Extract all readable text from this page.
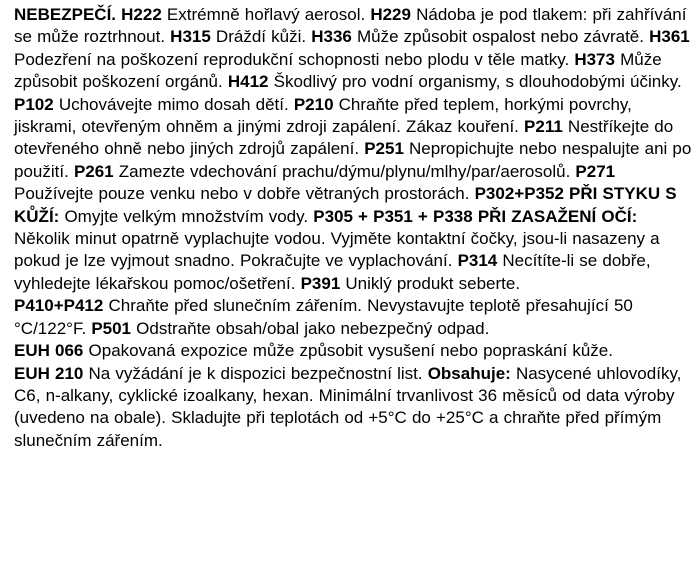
NEBEZPEČÍ. H222 Extrémně hořlavý aerosol. H229 Nádoba je pod tlakem: při zahřívání se může roztrhnout. H315 Dráždí kůži. H336 Může způsobit ospalost nebo závratě. H361 Podezření na poškození reprodukční schopnosti nebo plodu v těle matky. H373 Může způsobit poškození orgánů. H412 Škodlivý pro vodní organismy, s dlouhodobými účinky.
P102 Uchovávejte mimo dosah dětí. P210 Chraňte před teplem, horkými povrchy, jiskrami, otevřeným ohněm a jinými zdroji zapálení. Zákaz kouření. P211 Nestříkejte do otevřeného ohně nebo jiných zdrojů zapálení. P251 Nepropichujte nebo nespalujte ani po použití. P261 Zamezte vdechování prachu/dýmu/plynu/mlhy/par/aerosolů. P271 Používejte pouze venku nebo v dobře větraných prostorách. P302+P352 PŘI STYKU S KŮŽÍ: Omyjte velkým množstvím vody. P305 + P351 + P338 PŘI ZASAŽENÍ OČÍ: Několik minut opatrně vyplachujte vodou. Vyjměte kontaktní čočky, jsou-li nasazeny a pokud je lze vyjmout snadno. Pokračujte ve vyplachování. P314 Necítíte-li se dobře, vyhledejte lékařskou pomoc/ošetření. P391 Uniklý produkt seberte.
P410+P412 Chraňte před slunečním zářením. Nevystavujte teplotě přesahující 50 °C/122°F. P501 Odstraňte obsah/obal jako nebezpečný odpad.
EUH 066 Opakovaná expozice může způsobit vysušení nebo popraskání kůže.
EUH 210 Na vyžádání je k dispozici bezpečnostní list. Obsahuje: Nasycené uhlovodíky, C6, n-alkany, cyklické izoalkany, hexan. Minimální trvanlivost 36 měsíců od data výroby (uvedeno na obale). Skladujte při teplotách od +5°C do +25°C a chraňte před přímým slunečním zářením.
